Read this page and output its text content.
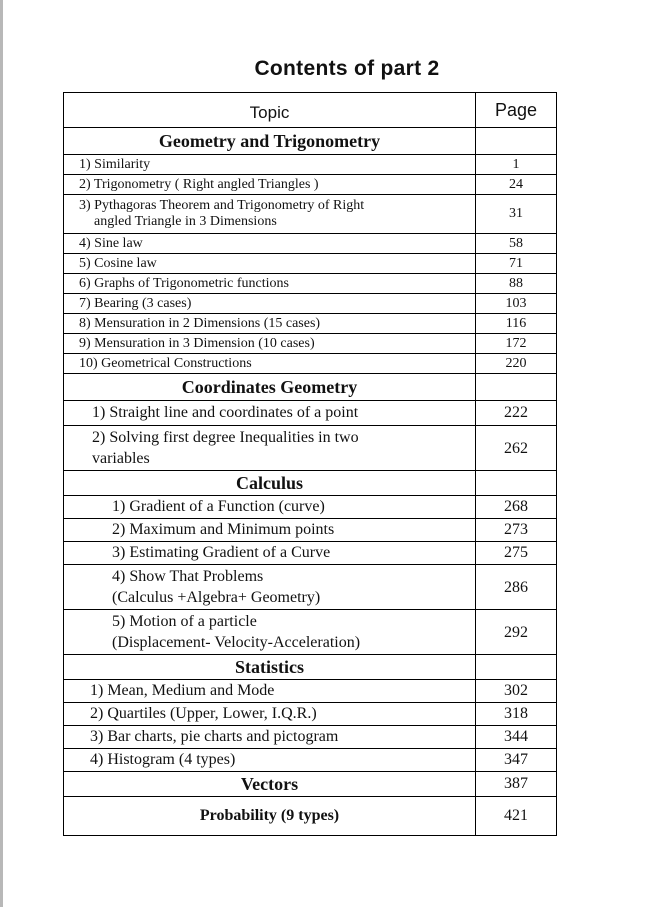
Contents of part 2
Topic	Page
Geometry and Trigonometry	

1) Similarity	1

2) Trigonometry ( Right angled Triangles )	24

3) Pythagoras Theorem and Trigonometry of Right
angled Triangle in 3 Dimensions	31

4) Sine law	58

5) Cosine law	71

6) Graphs of Trigonometric functions	88

7) Bearing (3 cases)	103

8) Mensuration in 2 Dimensions (15 cases)	116

9) Mensuration in 3 Dimension (10 cases)	172

10) Geometrical Constructions	220
Coordinates Geometry	

1) Straight line and coordinates of a point	222

2) Solving first degree Inequalities in two
variables	262
Calculus	

1) Gradient of a Function (curve)	268

2) Maximum and Minimum points	273

3) Estimating Gradient of a Curve	275

4) Show That Problems
(Calculus +Algebra+ Geometry)	286

5) Motion of a particle
(Displacement- Velocity-Acceleration)	292
Statistics	

1) Mean, Medium and Mode	302

2) Quartiles (Upper, Lower, I.Q.R.)	318

3) Bar charts, pie charts and pictogram	344

4) Histogram (4 types)	347
Vectors	387
Probability (9 types)	421
